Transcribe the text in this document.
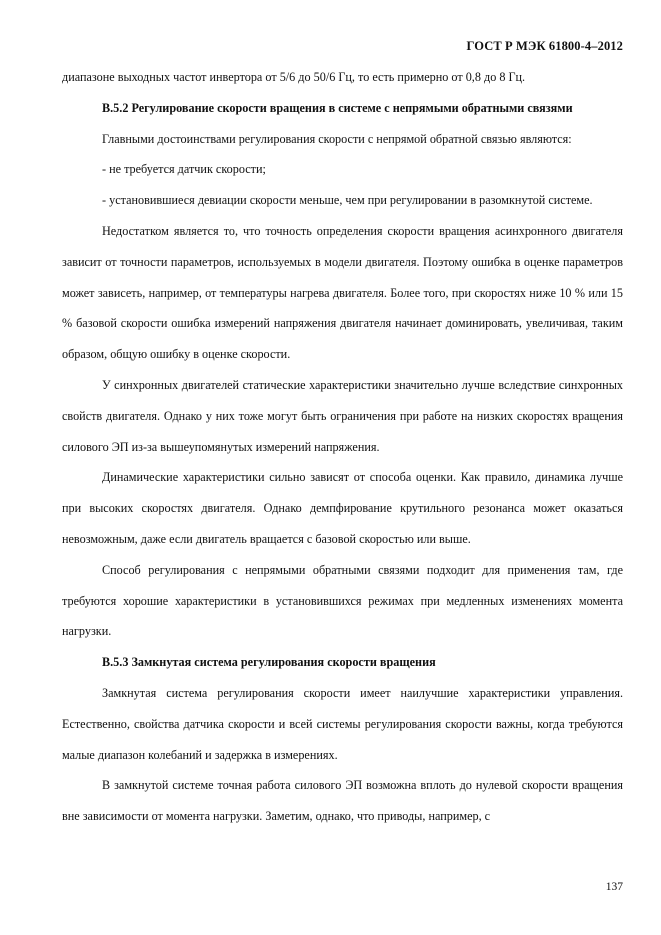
ГОСТ Р МЭК 61800-4–2012

диапазоне выходных частот инвертора от 5/6 до 50/6 Гц, то есть примерно от 0,8 до 8 Гц.

В.5.2 Регулирование скорости вращения в системе с непрямыми обратными связями

Главными достоинствами регулирования скорости с непрямой обратной связью являются:

- не требуется датчик скорости;

- установившиеся девиации скорости меньше, чем при регулировании в разомкнутой системе.

Недостатком является то, что точность определения скорости вращения асинхронного двигателя зависит от точности параметров, используемых в модели двигателя. Поэтому ошибка в оценке параметров может зависеть, например, от температуры нагрева двигателя. Более того, при скоростях ниже 10 % или 15 % базовой скорости ошибка измерений напряжения двигателя начинает доминировать, увеличивая, таким образом, общую ошибку в оценке скорости.

У синхронных двигателей статические характеристики значительно лучше вследствие синхронных свойств двигателя. Однако у них тоже могут быть ограничения при работе на низких скоростях вращения силового ЭП из-за вышеупомянутых измерений напряжения.

Динамические характеристики сильно зависят от способа оценки. Как правило, динамика лучше при высоких скоростях двигателя. Однако демпфирование крутильного резонанса может оказаться невозможным, даже если двигатель вращается с базовой скоростью или выше.

Способ регулирования с непрямыми обратными связями подходит для применения там, где требуются хорошие характеристики в установившихся режимах при медленных изменениях момента нагрузки.

В.5.3 Замкнутая система регулирования скорости вращения

Замкнутая система регулирования скорости имеет наилучшие характеристики управления. Естественно, свойства датчика скорости и всей системы регулирования скорости важны, когда требуются малые диапазон колебаний и задержка в измерениях.

В замкнутой системе точная работа силового ЭП возможна вплоть до нулевой скорости вращения вне зависимости от момента нагрузки. Заметим, однако, что приводы, например, с

137
